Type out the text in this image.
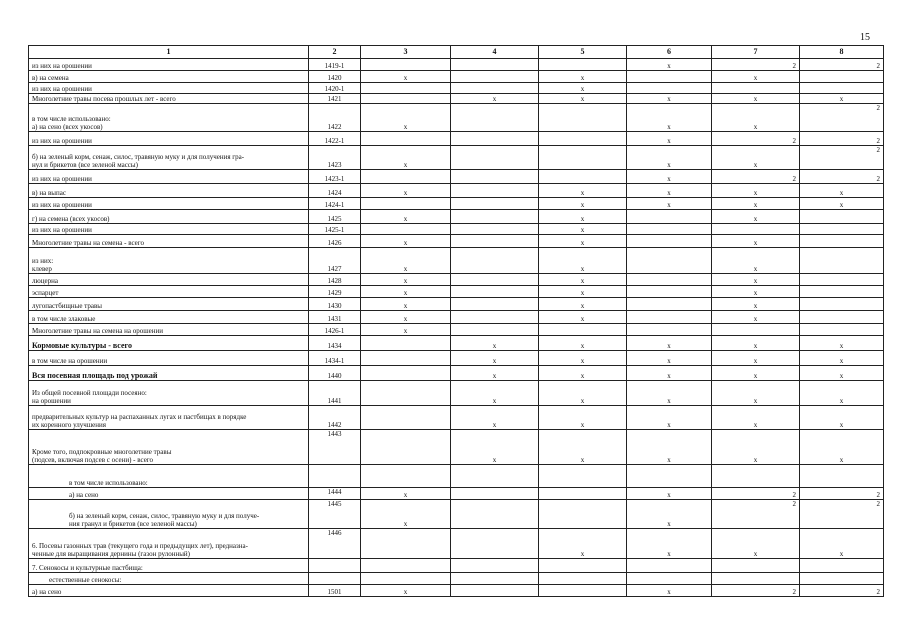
15
1	2	3	4	5	6	7	8
из них на орошении	1419-1				x	2	2
в) на семена	1420	x		x		x	
из них на орошении	1420-1			x			
Многолетние травы посева прошлых лет - всего	1421		x	x	x	x	x
в том числе использовано:
а) на сено (всех укосов)	1422	x			x	x	2
из них на орошении	1422-1				x	2	2
б) на зеленый корм, сенаж, силос, травяную муку и для получения гра-
нул и брикетов (все зеленой массы)	1423	x			x	x	2
из них на орошении	1423-1				x	2	2
в) на выпас	1424	x		x	x	x	x
из них на орошении	1424-1			x	x	x	x
г) на семена (всех укосов)	1425	x		x		x	
из них на орошении	1425-1			x			
Многолетние травы на семена - всего	1426	x		x		x	
из них:
клевер	1427	x		x		x	
люцерна	1428	x		x		x	
эспарцет	1429	x		x		x	
лугопастбищные травы	1430	x		x		x	
в том числе злаковые	1431	x		x		x	
Многолетние травы на семена на орошении	1426-1	x					
Кормовые культуры - всего	1434		x	x	x	x	x
в том числе на орошении	1434-1		x	x	x	x	x
Вся посевная площадь под урожай	1440		x	x	x	x	x
Из общей посевной площади посеяно:
на орошении	1441		x	x	x	x	x
предварительных культур на распаханных лугах и пастбищах в порядке
их коренного улучшения	1442		x	x	x	x	x
Кроме того, подпокровные многолетние травы
(подсев, включая подсев с осени) - всего	1443		x	x	x	x	x
в том числе использовано:							
а) на сено	1444	x			x	2	2
б) на зеленый корм, сенаж, силос, травяную муку и для получе-
ния гранул и брикетов (все зеленой массы)	1445	x			x	2	2
6. Посевы газонных трав (текущего года и предыдущих лет), предназна-
ченные для выращивания дернины (газон рулонный)	1446			x	x	x	x
7. Сенокосы и культурные пастбища:							
естественные сенокосы:							
а) на сено	1501	x			x	2	2
